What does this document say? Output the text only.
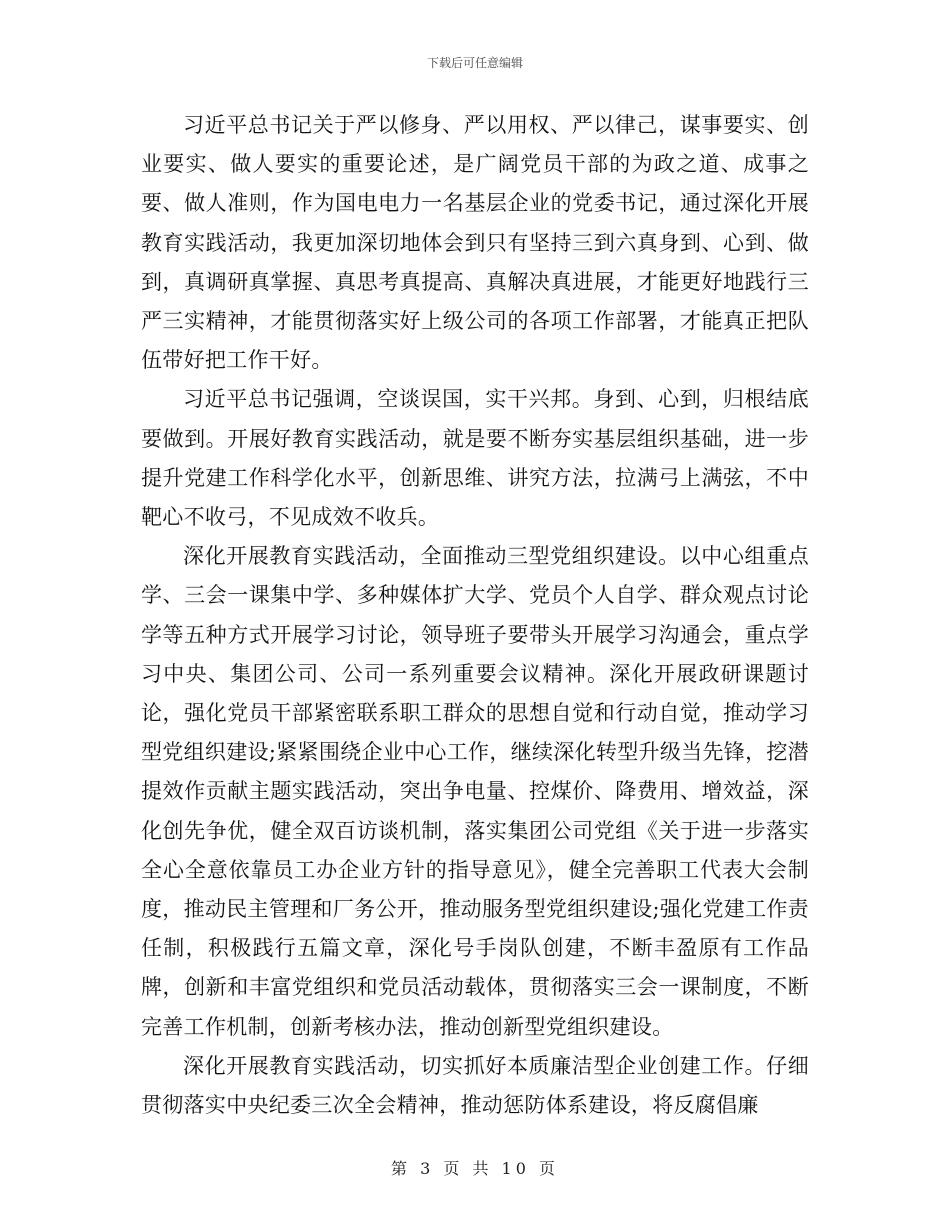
下载后可任意编辑

习近平总书记关于严以修身、严以用权、严以律己，谋事要实、创业要实、做人要实的重要论述，是广阔党员干部的为政之道、成事之要、做人准则，作为国电电力一名基层企业的党委书记，通过深化开展教育实践活动，我更加深切地体会到只有坚持三到六真身到、心到、做到，真调研真掌握、真思考真提高、真解决真进展，才能更好地践行三严三实精神，才能贯彻落实好上级公司的各项工作部署，才能真正把队伍带好把工作干好。

习近平总书记强调，空谈误国，实干兴邦。身到、心到，归根结底要做到。开展好教育实践活动，就是要不断夯实基层组织基础，进一步提升党建工作科学化水平，创新思维、讲究方法，拉满弓上满弦，不中靶心不收弓，不见成效不收兵。

深化开展教育实践活动，全面推动三型党组织建设。以中心组重点学、三会一课集中学、多种媒体扩大学、党员个人自学、群众观点讨论学等五种方式开展学习讨论，领导班子要带头开展学习沟通会，重点学习中央、集团公司、公司一系列重要会议精神。深化开展政研课题讨论，强化党员干部紧密联系职工群众的思想自觉和行动自觉，推动学习型党组织建设;紧紧围绕企业中心工作，继续深化转型升级当先锋，挖潜提效作贡献主题实践活动，突出争电量、控煤价、降费用、增效益，深化创先争优，健全双百访谈机制，落实集团公司党组《关于进一步落实全心全意依靠员工办企业方针的指导意见》，健全完善职工代表大会制度，推动民主管理和厂务公开，推动服务型党组织建设;强化党建工作责任制，积极践行五篇文章，深化号手岗队创建，不断丰盈原有工作品牌，创新和丰富党组织和党员活动载体，贯彻落实三会一课制度，不断完善工作机制，创新考核办法，推动创新型党组织建设。

深化开展教育实践活动，切实抓好本质廉洁型企业创建工作。仔细贯彻落实中央纪委三次全会精神，推动惩防体系建设，将反腐倡廉

第 3 页 共 10 页
